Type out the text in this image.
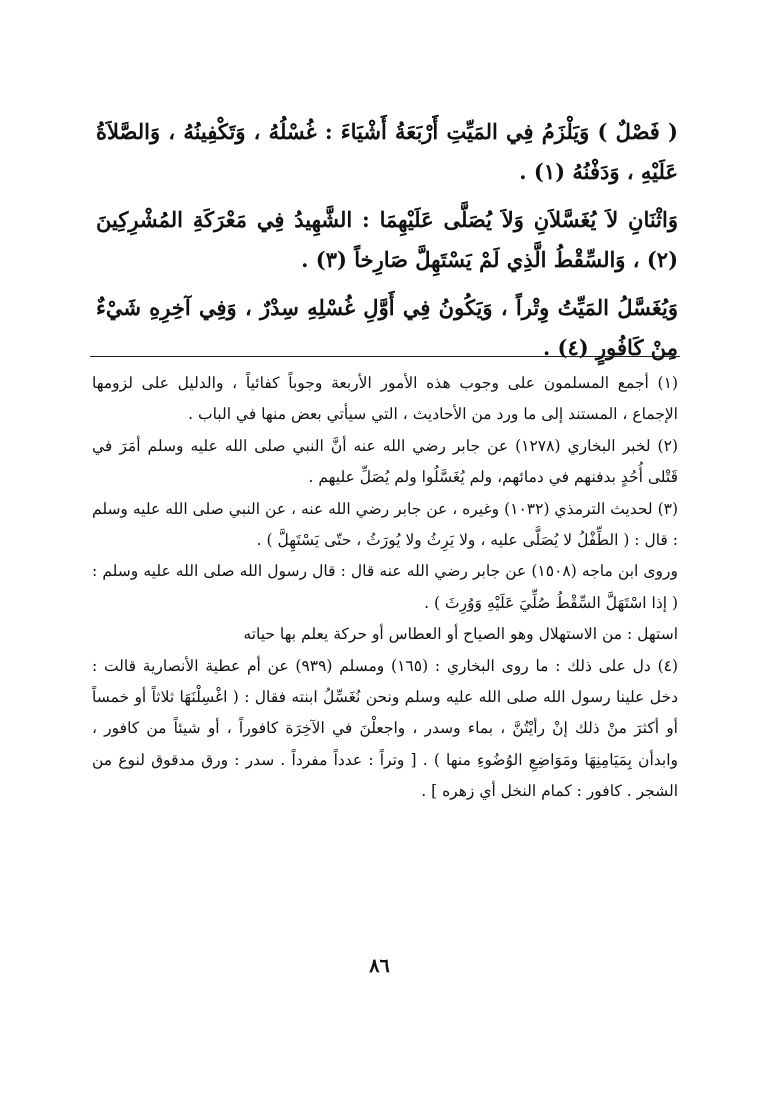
( فَصْلٌ ) وَيَلْزَمُ فِي المَيِّتِ أَرْبَعَةُ أَشْيَاءَ : غُسْلُهُ ، وَتَكْفِينُهُ ، وَالصَّلاَةُ عَلَيْهِ ، وَدَفْنُهُ (١) .

وَاثْنَانِ لاَ يُغَسَّلاَنِ وَلاَ يُصَلَّى عَلَيْهِمَا : الشَّهِيدُ فِي مَعْرَكَةِ المُشْرِكِينَ (٢) ، وَالسِّقْطُ الَّذِي لَمْ يَسْتَهِلَّ صَارِخاً (٣) .

وَيُغَسَّلُ المَيِّتُ وِتْراً ، وَيَكُونُ فِي أَوَّلِ غُسْلِهِ سِدْرٌ ، وَفِي آخِرِهِ شَيْءٌ مِنْ كَافُورٍ (٤) .

(١) أجمع المسلمون على وجوب هذه الأمور الأربعة وجوباً كفائياً ، والدليل على لزومها الإجماع ، المستند إلى ما ورد من الأحاديث ، التي سيأتي بعض منها في الباب .

(٢) لخبر البخاري (١٢٧٨) عن جابر رضي الله عنه أنَّ النبي صلى الله عليه وسلم أمَرَ في قَتْلى أُحُدٍ بدفنهم في دمائهم، ولم يُغَسَّلُوا ولم يُصَلِّ عليهم .

(٣) لحديث الترمذي (١٠٣٢) وغيره ، عن جابر رضي الله عنه ، عن النبي صلى الله عليه وسلم : قال : ( الطِّفْلُ لا يُصَلَّى عليه ، ولا يَرِثُ ولا يُورَثُ ، حتّى يَسْتَهِلَّ ) .

وروى ابن ماجه (١٥٠٨) عن جابر رضي الله عنه قال : قال رسول الله صلى الله عليه وسلم : ( إذا اسْتَهَلَّ السِّقْطُ صُلِّيَ عَلَيْهِ وَوُرِثَ ) .

استهل : من الاستهلال وهو الصياح أو العطاس أو حركة يعلم بها حياته

(٤) دل على ذلك : ما روى البخاري : (١٦٥) ومسلم (٩٣٩) عن أم عطية الأنصارية قالت : دخل علينا رسول الله صلى الله عليه وسلم ونحن نُغَسِّلُ ابنته فقال : ( اغْسِلْنَهَا ثلاثاً أو خمساً أو أكثرَ منْ ذلك إنْ رأيْتُنَّ ، بماء وسدر ، واجعلْنَ في الآخِرَة كافوراً ، أو شيئاً من كافور ، وابدأن بِمَيَامِنِهَا ومَوَاضِعِ الوُضُوءِ منها ) . [ وتراً : عدداً مفرداً . سدر : ورق مدقوق لنوع من الشجر . كافور : كمام النخل أي زهره ] .

٨٦
